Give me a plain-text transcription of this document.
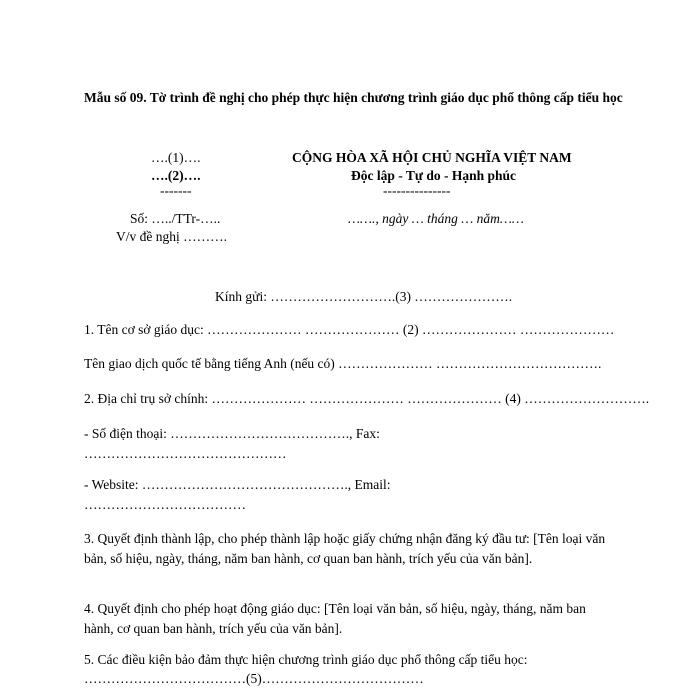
Mẫu số 09. Tờ trình đề nghị cho phép thực hiện chương trình giáo dục phổ thông cấp tiểu học
….(1)….
….(2)….
-------
Số: …../TTr-…..
V/v đề nghị ……….
CỘNG HÒA XÃ HỘI CHỦ NGHĨA VIỆT NAM
Độc lập - Tự do - Hạnh phúc
---------------
……., ngày … tháng … năm……
Kính gửi: ……………………….(3) ………………….
1. Tên cơ sở giáo dục: ………………… ………………… (2) ………………… …………………
Tên giao dịch quốc tế bằng tiếng Anh (nếu có) ………………… ……………………………….
2. Địa chỉ trụ sở chính: ………………… ………………… ………………… (4) ……………………….
- Số điện thoại: …………………………………., Fax:
………………………………………
- Website: ………………………………………., Email:
………………………………
3. Quyết định thành lập, cho phép thành lập hoặc giấy chứng nhận đăng ký đầu tư: [Tên loại văn bản, số hiệu, ngày, tháng, năm ban hành, cơ quan ban hành, trích yếu của văn bản].
4. Quyết định cho phép hoạt động giáo dục: [Tên loại văn bản, số hiệu, ngày, tháng, năm ban hành, cơ quan ban hành, trích yếu của văn bản].
5. Các điều kiện bảo đảm thực hiện chương trình giáo dục phổ thông cấp tiểu học:
………………………………(5)………………………………
